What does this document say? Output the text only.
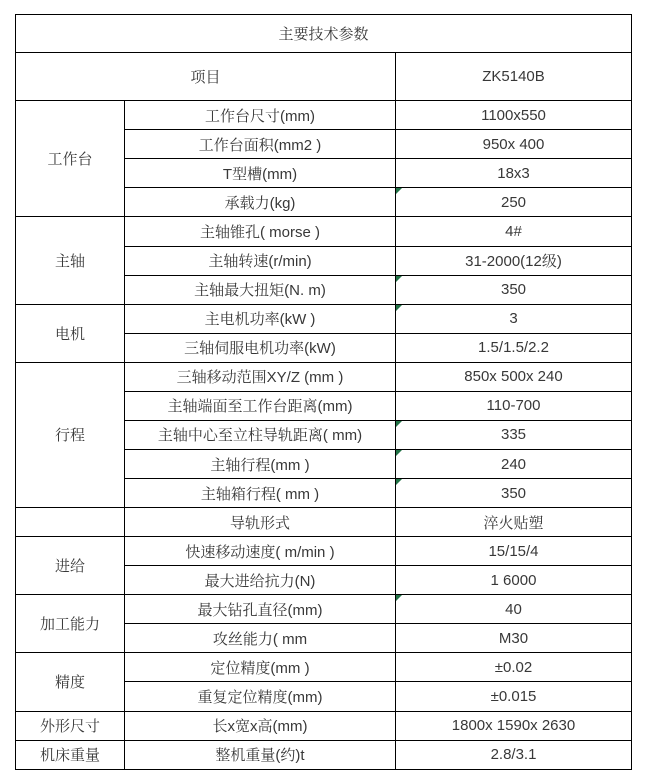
主要技术参数		
项目		ZK5140B
工作台	工作台尺寸(mm)	1100x550
	工作台面积(mm2 )	950x 400
	T型槽(mm)	18x3
	承载力(kg)	250
主轴	主轴锥孔( morse )	4#
	主轴转速(r/min)	31-2000(12级)
	主轴最大扭矩(N. m)	350
电机	主电机功率(kW )	3
	三轴伺服电机功率(kW)	1.5/1.5/2.2
行程	三轴移动范围XY/Z (mm )	850x 500x 240
	主轴端面至工作台距离(mm)	110-700
	主轴中心至立柱导轨距离( mm)	335
	主轴行程(mm )	240
	主轴箱行程( mm )	350
	导轨形式	淬火贴塑
进给	快速移动速度( m/min )	15/15/4
	最大进给抗力(N)	1 6000
加工能力	最大钻孔直径(mm)	40
	攻丝能力( mm	M30
精度	定位精度(mm )	±0.02
	重复定位精度(mm)	±0.015
外形尺寸	长x宽x高(mm)	1800x 1590x 2630
机床重量	整机重量(约)t	2.8/3.1
